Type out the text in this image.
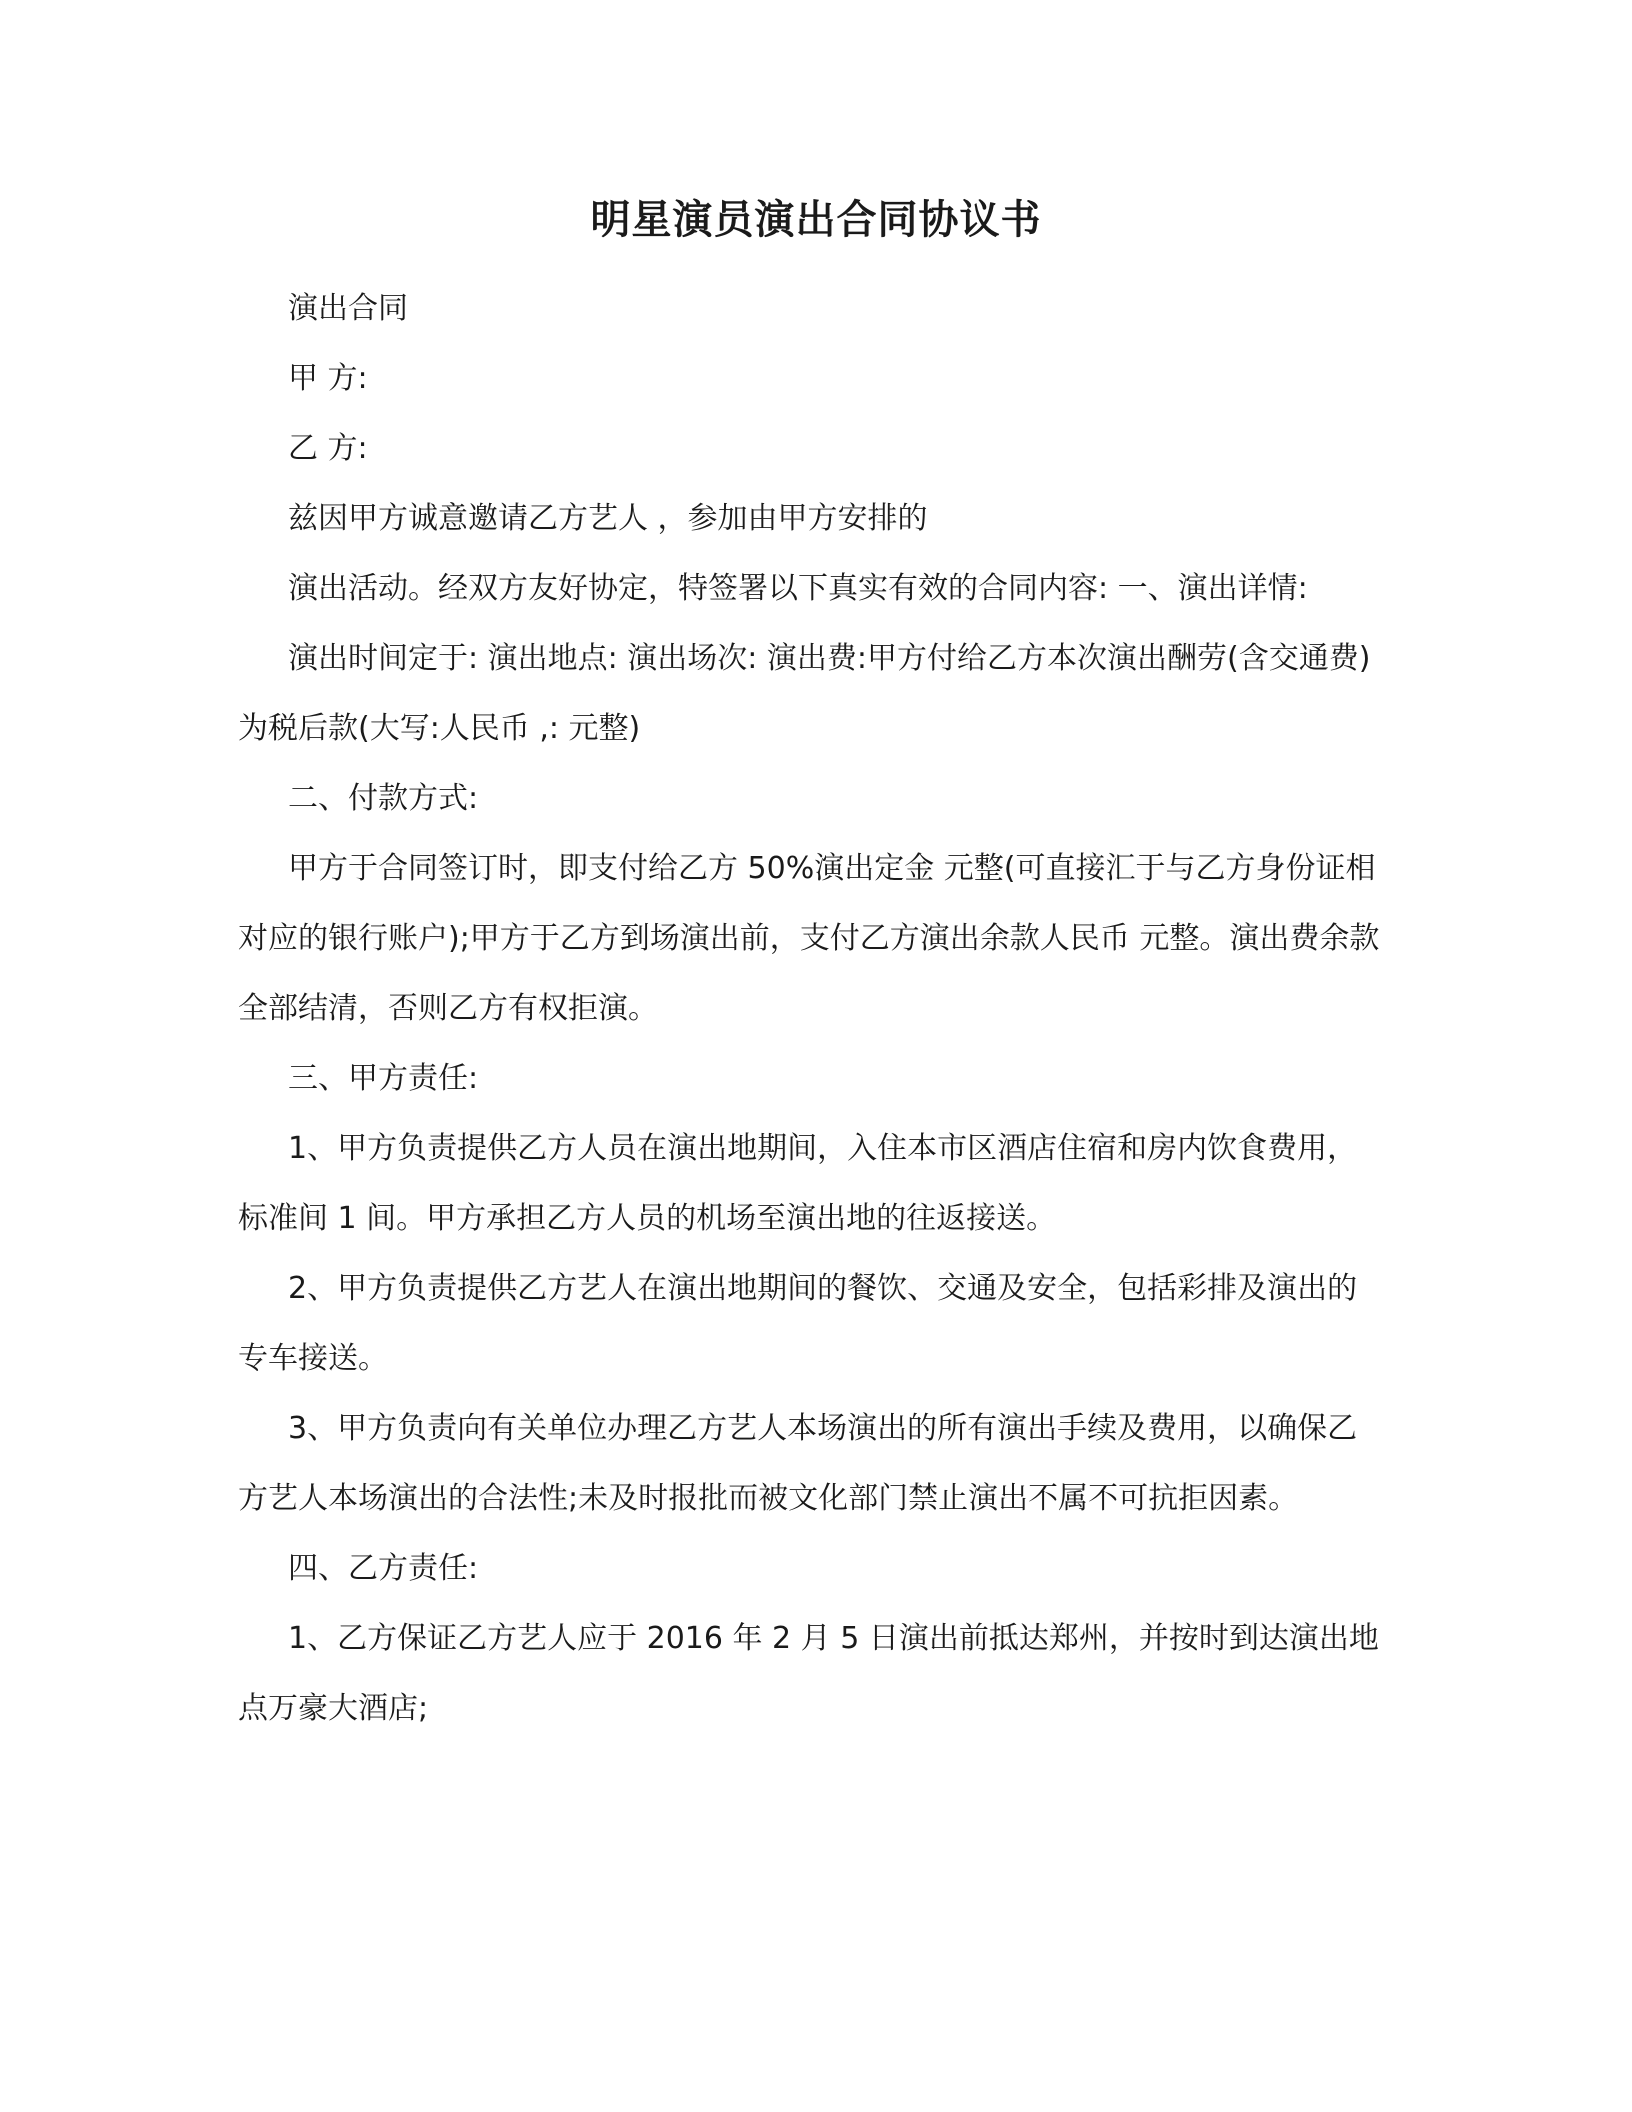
明星演员演出合同协议书

演出合同

甲 方:

乙 方:

兹因甲方诚意邀请乙方艺人 ，参加由甲方安排的

演出活动。经双方友好协定，特签署以下真实有效的合同内容: 一、演出详情:

演出时间定于: 演出地点: 演出场次: 演出费:甲方付给乙方本次演出酬劳(含交通费)为税后款(大写:人民币 ,: 元整)

二、付款方式:

甲方于合同签订时，即支付给乙方 50%演出定金 元整(可直接汇于与乙方身份证相对应的银行账户);甲方于乙方到场演出前，支付乙方演出余款人民币 元整。演出费余款全部结清，否则乙方有权拒演。

三、甲方责任:

1、甲方负责提供乙方人员在演出地期间，入住本市区酒店住宿和房内饮食费用，标准间 1 间。甲方承担乙方人员的机场至演出地的往返接送。

2、甲方负责提供乙方艺人在演出地期间的餐饮、交通及安全，包括彩排及演出的专车接送。

3、甲方负责向有关单位办理乙方艺人本场演出的所有演出手续及费用，以确保乙方艺人本场演出的合法性;未及时报批而被文化部门禁止演出不属不可抗拒因素。

四、乙方责任:

1、乙方保证乙方艺人应于 2016 年 2 月 5 日演出前抵达郑州，并按时到达演出地点万豪大酒店;
